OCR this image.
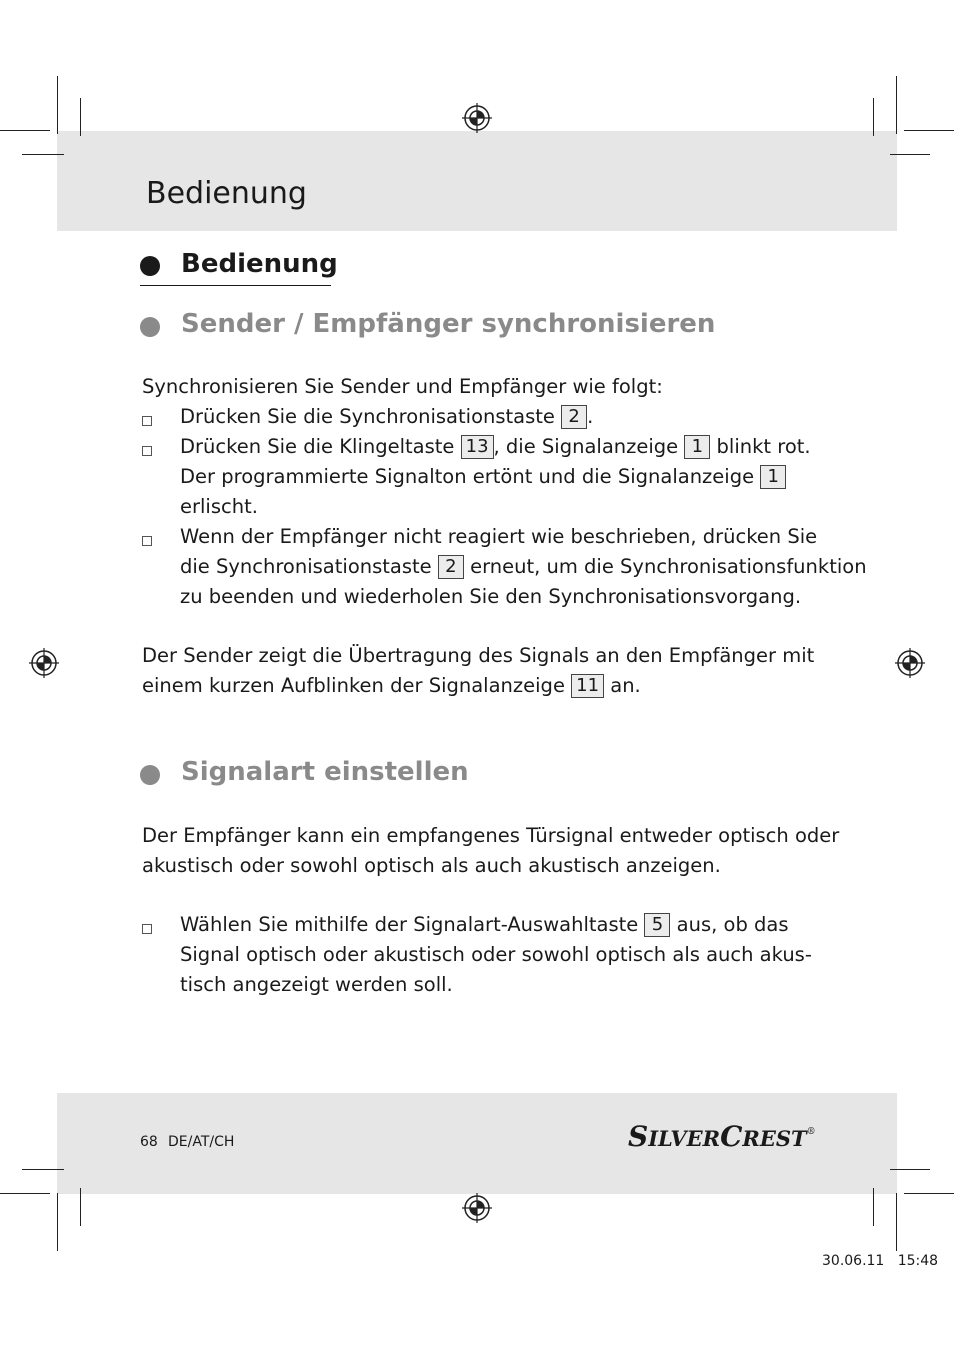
Bedienung
Bedienung
Sender / Empfänger synchronisieren
Synchronisieren Sie Sender und Empfänger wie folgt:
Drücken Sie die Synchronisationstaste 2 .
Drücken Sie die Klingeltaste 13 , die Signalanzeige 1 blinkt rot.
Der programmierte Signalton ertönt und die Signalanzeige 1
erlischt.
Wenn der Empfänger nicht reagiert wie beschrieben, drücken Sie
die Synchronisationstaste 2 erneut, um die Synchronisationsfunktion
zu beenden und wiederholen Sie den Synchronisationsvorgang.
Der Sender zeigt die Übertragung des Signals an den Empfänger mit
einem kurzen Aufblinken der Signalanzeige 11 an.
Signalart einstellen
Der Empfänger kann ein empfangenes Türsignal entweder optisch oder
akustisch oder sowohl optisch als auch akustisch anzeigen.
Wählen Sie mithilfe der Signalart-Auswahltaste 5 aus, ob das
Signal optisch oder akustisch oder sowohl optisch als auch akus-
tisch angezeigt werden soll.
68 DE/AT/CH	SILVERCREST®
30.06.11   15:48
